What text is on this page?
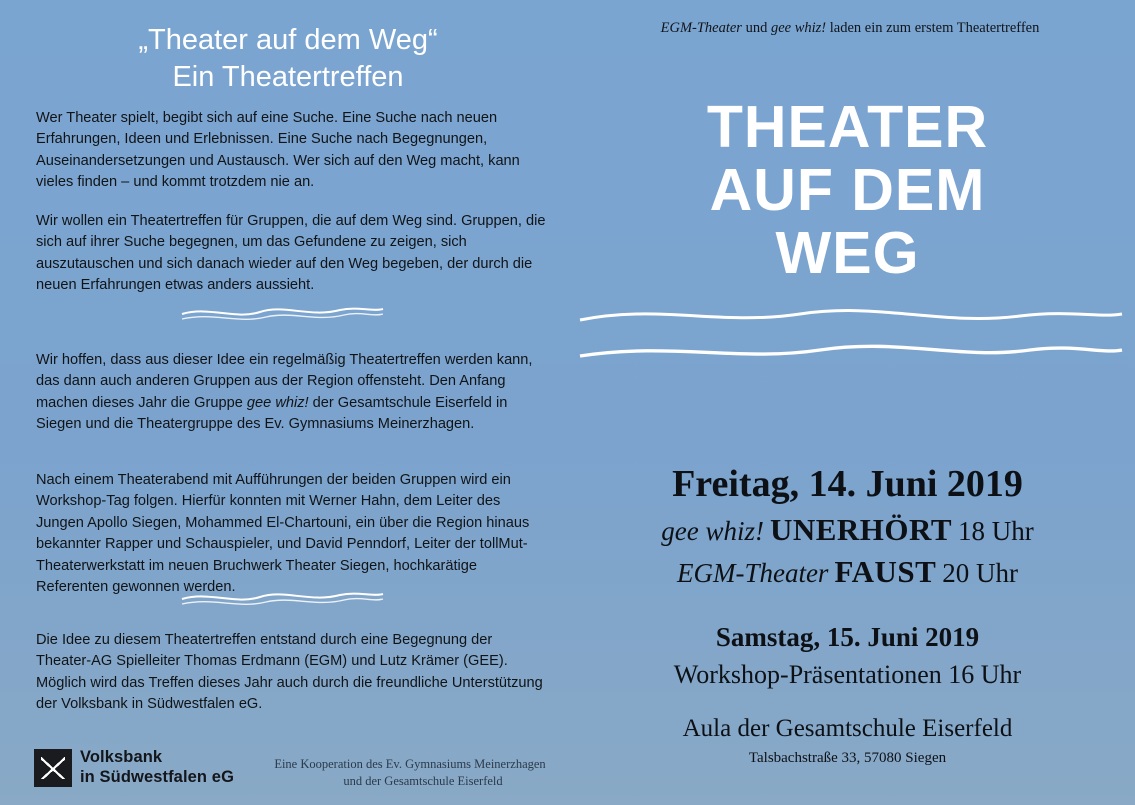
„Theater auf dem Weg“
Ein Theatertreffen

Wer Theater spielt, begibt sich auf eine Suche. Eine Suche nach neuen Erfahrungen, Ideen und Erlebnissen. Eine Suche nach Begegnungen, Auseinandersetzungen und Austausch. Wer sich auf den Weg macht, kann vieles finden – und kommt trotzdem nie an.

Wir wollen ein Theatertreffen für Gruppen, die auf dem Weg sind. Gruppen, die sich auf ihrer Suche begegnen, um das Gefundene zu zeigen, sich auszutauschen und sich danach wieder auf den Weg begeben, der durch die neuen Erfahrungen etwas anders aussieht.

Wir hoffen, dass aus dieser Idee ein regelmäßig Theatertreffen werden kann, das dann auch anderen Gruppen aus der Region offensteht. Den Anfang machen dieses Jahr die Gruppe gee whiz! der Gesamtschule Eiserfeld in Siegen und die Theatergruppe des Ev. Gymnasiums Meinerzhagen.

Nach einem Theaterabend mit Aufführungen der beiden Gruppen wird ein Workshop-Tag folgen. Hierfür konnten mit Werner Hahn, dem Leiter des Jungen Apollo Siegen, Mohammed El-Chartouni, ein über die Region hinaus bekannter Rapper und Schauspieler, und David Penndorf, Leiter der tollMut-Theaterwerkstatt im neuen Bruchwerk Theater Siegen, hochkarätige Referenten gewonnen werden.

Die Idee zu diesem Theatertreffen entstand durch eine Begegnung der Theater-AG Spielleiter Thomas Erdmann (EGM) und Lutz Krämer (GEE). Möglich wird das Treffen dieses Jahr auch durch die freundliche Unterstützung der Volksbank in Südwestfalen eG.

Volksbank
in Südwestfalen eG
Eine Kooperation des Ev. Gymnasiums Meinerzhagen
und der Gesamtschule Eiserfeld
EGM-Theater und gee whiz! laden ein zum erstem Theatertreffen
THEATER
AUF DEM
WEG
Freitag, 14. Juni 2019
gee whiz! UNERHÖRT 18 Uhr
EGM-Theater FAUST 20 Uhr
Samstag, 15. Juni 2019
Workshop-Präsentationen 16 Uhr
Aula der Gesamtschule Eiserfeld
Talsbachstraße 33, 57080 Siegen
